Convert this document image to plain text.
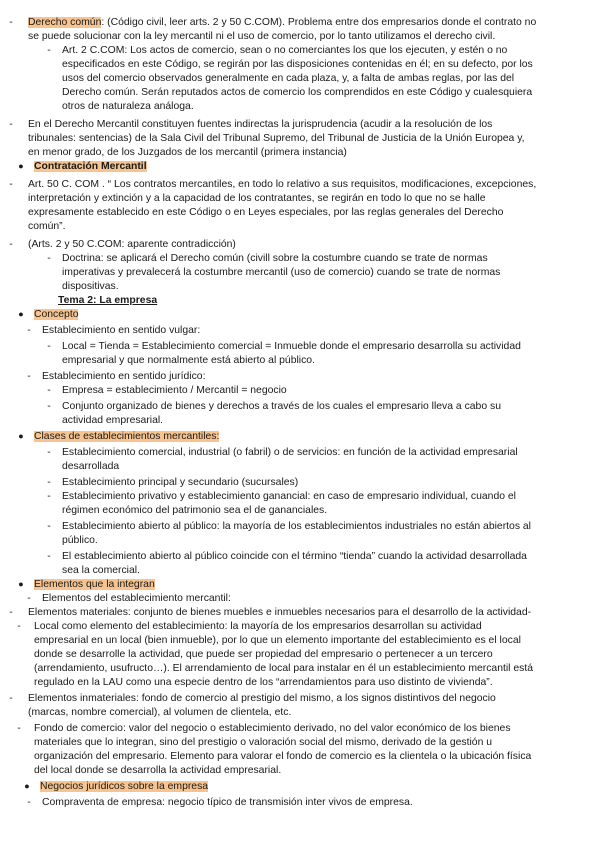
-	Derecho común: (Código civil, leer arts. 2 y 50 C.COM). Problema entre dos empresarios donde el contrato no
se puede solucionar con la ley mercantil ni el uso de comercio, por lo tanto utilizamos el derecho civil.
-	Art. 2 C.COM: Los actos de comercio, sean o no comerciantes los que los ejecuten, y estén o no
especificados en este Código, se regirán por las disposiciones contenidas en él; en su defecto, por los
usos del comercio observados generalmente en cada plaza, y, a falta de ambas reglas, por las del
Derecho común. Serán reputados actos de comercio los comprendidos en este Código y cualesquiera
otros de naturaleza análoga.
-	En el Derecho Mercantil constituyen fuentes indirectas la jurisprudencia (acudir a la resolución de los
tribunales: sentencias) de la Sala Civil del Tribunal Supremo, del Tribunal de Justicia de la Unión Europea y,
en menor grado, de los Juzgados de los mercantil (primera instancia)
● Contratación Mercantil
-	Art. 50 C. COM . “ Los contratos mercantiles, en todo lo relativo a sus requisitos, modificaciones, excepciones,
interpretación y extinción y a la capacidad de los contratantes, se regirán en todo lo que no se halle
expresamente establecido en este Código o en Leyes especiales, por las reglas generales del Derecho
común”.
-	(Arts. 2 y 50 C.COM: aparente contradicción)
-	Doctrina: se aplicará el Derecho común (civill sobre la costumbre cuando se trate de normas
imperativas y prevalecerá la costumbre mercantil (uso de comercio) cuando se trate de normas
dispositivas.
Tema 2: La empresa
● Concepto
-	Establecimiento en sentido vulgar:
-	Local = Tienda = Establecimiento comercial = Inmueble donde el empresario desarrolla su actividad
empresarial y que normalmente está abierto al público.
-	Establecimiento en sentido jurídico:
-	Empresa = establecimiento / Mercantil = negocio
-	Conjunto organizado de bienes y derechos a través de los cuales el empresario lleva a cabo su
actividad empresarial.
● Clases de establecimientos mercantiles:
-	Establecimiento comercial, industrial (o fabril) o de servicios: en función de la actividad empresarial
desarrollada
-	Establecimiento principal y secundario (sucursales)
-	Establecimiento privativo y establecimiento ganancial: en caso de empresario individual, cuando el
régimen económico del patrimonio sea el de gananciales.
-	Establecimiento abierto al público: la mayoría de los establecimientos industriales no están abiertos al
público.
-	El establecimiento abierto al público coincide con el término “tienda” cuando la actividad desarrollada
sea la comercial.
● Elementos que la integran
-	Elementos del establecimiento mercantil:
-	Elementos materiales: conjunto de bienes muebles e inmuebles necesarios para el desarrollo de la actividad-
-	Local como elemento del establecimiento: la mayoría de los empresarios desarrollan su actividad
empresarial en un local (bien inmueble), por lo que un elemento importante del establecimiento es el local
donde se desarrolle la actividad, que puede ser propiedad del empresario o pertenecer a un tercero
(arrendamiento, usufructo…). El arrendamiento de local para instalar en él un establecimiento mercantil está
regulado en la LAU como una especie dentro de los “arrendamientos para uso distinto de vivienda”.
-	Elementos inmateriales: fondo de comercio al prestigio del mismo, a los signos distintivos del negocio
(marcas, nombre comercial), al volumen de clientela, etc.
-	Fondo de comercio: valor del negocio o establecimiento derivado, no del valor económico de los bienes
materiales que lo integran, sino del prestigio o valoración social del mismo, derivado de la gestión u
organización del empresario. Elemento para valorar el fondo de comercio es la clientela o la ubicación física
del local donde se desarrolla la actividad empresarial.
● Negocios jurídicos sobre la empresa
-	Compraventa de empresa: negocio típico de transmisión inter vivos de empresa.
